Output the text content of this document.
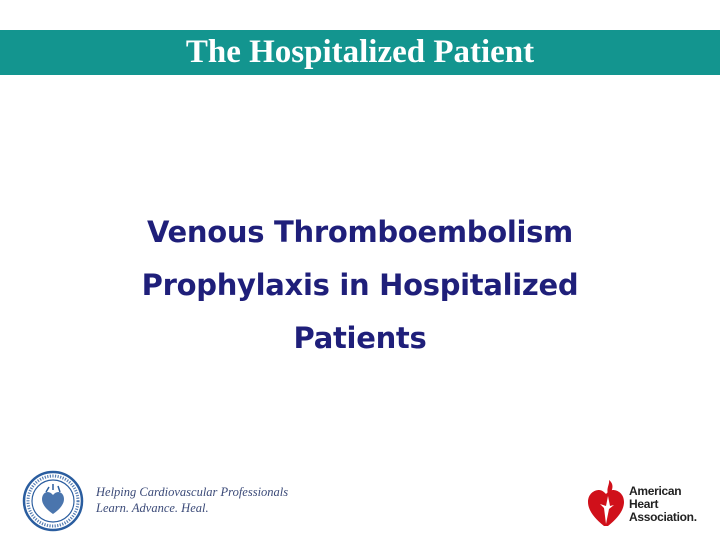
The Hospitalized Patient
Venous Thromboembolism
Prophylaxis in Hospitalized
Patients
Helping Cardiovascular Professionals
Learn. Advance. Heal.
American
Heart
Association.
